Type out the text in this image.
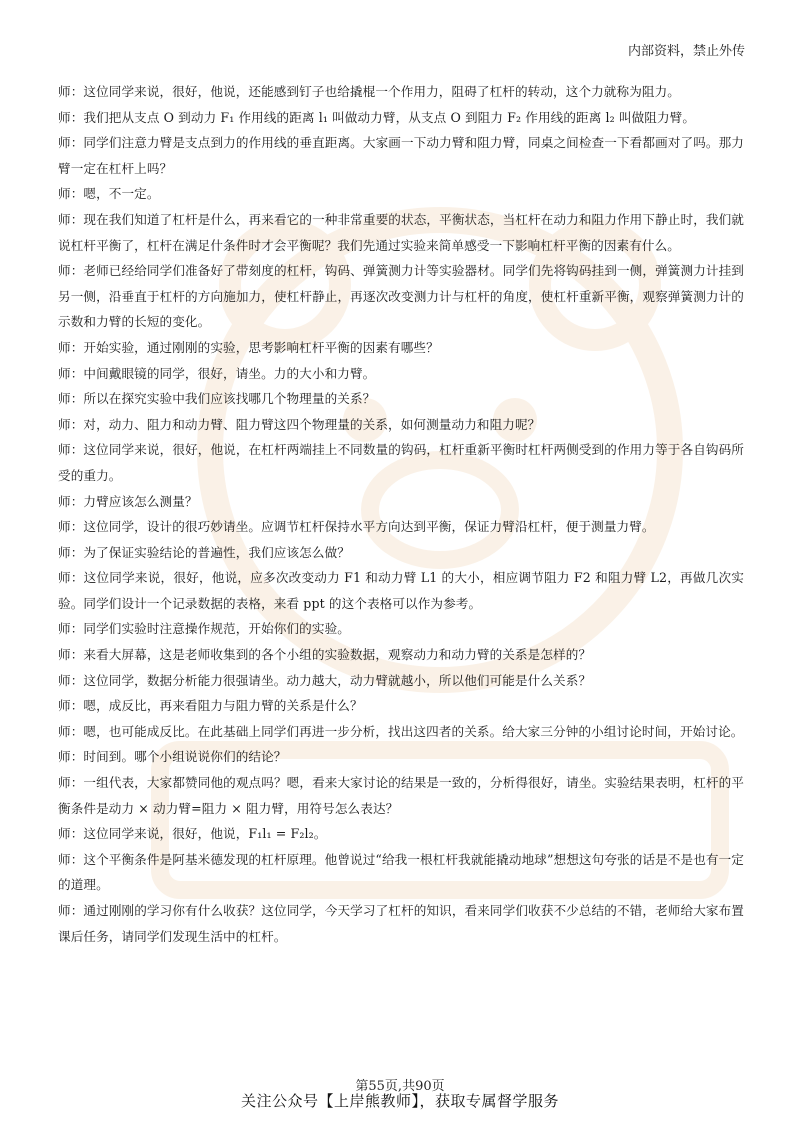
内部资料，禁止外传

师：这位同学来说，很好，他说，还能感到钉子也给撬棍一个作用力，阻碍了杠杆的转动，这个力就称为阻力。

师：我们把从支点 O 到动力 F₁ 作用线的距离 l₁ 叫做动力臂，从支点 O 到阻力 F₂ 作用线的距离 l₂ 叫做阻力臂。

师：同学们注意力臂是支点到力的作用线的垂直距离。大家画一下动力臂和阻力臂，同桌之间检查一下看都画对了吗。那力臂一定在杠杆上吗？

师：嗯，不一定。

师：现在我们知道了杠杆是什么，再来看它的一种非常重要的状态，平衡状态，当杠杆在动力和阻力作用下静止时，我们就说杠杆平衡了，杠杆在满足什条件时才会平衡呢？我们先通过实验来简单感受一下影响杠杆平衡的因素有什么。

师：老师已经给同学们准备好了带刻度的杠杆，钩码、弹簧测力计等实验器材。同学们先将钩码挂到一侧，弹簧测力计挂到另一侧，沿垂直于杠杆的方向施加力，使杠杆静止，再逐次改变测力计与杠杆的角度，使杠杆重新平衡，观察弹簧测力计的示数和力臂的长短的变化。

师：开始实验，通过刚刚的实验，思考影响杠杆平衡的因素有哪些？

师：中间戴眼镜的同学，很好，请坐。力的大小和力臂。

师：所以在探究实验中我们应该找哪几个物理量的关系？

师：对，动力、阻力和动力臂、阻力臂这四个物理量的关系，如何测量动力和阻力呢？

师：这位同学来说，很好，他说，在杠杆两端挂上不同数量的钩码，杠杆重新平衡时杠杆两侧受到的作用力等于各自钩码所受的重力。

师：力臂应该怎么测量？

师：这位同学，设计的很巧妙请坐。应调节杠杆保持水平方向达到平衡，保证力臂沿杠杆，便于测量力臂。

师：为了保证实验结论的普遍性，我们应该怎么做？

师：这位同学来说，很好，他说，应多次改变动力 F1 和动力臂 L1 的大小，相应调节阻力 F2 和阻力臂 L2，再做几次实验。同学们设计一个记录数据的表格，来看 ppt 的这个表格可以作为参考。

师：同学们实验时注意操作规范，开始你们的实验。

师：来看大屏幕，这是老师收集到的各个小组的实验数据，观察动力和动力臂的关系是怎样的？

师：这位同学，数据分析能力很强请坐。动力越大，动力臂就越小，所以他们可能是什么关系？

师：嗯，成反比，再来看阻力与阻力臂的关系是什么？

师：嗯，也可能成反比。在此基础上同学们再进一步分析，找出这四者的关系。给大家三分钟的小组讨论时间，开始讨论。

师：时间到。哪个小组说说你们的结论？

师：一组代表，大家都赞同他的观点吗？嗯，看来大家讨论的结果是一致的，分析得很好，请坐。实验结果表明，杠杆的平衡条件是动力 × 动力臂=阻力 × 阻力臂，用符号怎么表达？

师：这位同学来说，很好，他说，F₁l₁ = F₂l₂。

师：这个平衡条件是阿基米德发现的杠杆原理。他曾说过“给我一根杠杆我就能撬动地球”想想这句夸张的话是不是也有一定的道理。

师：通过刚刚的学习你有什么收获？这位同学，今天学习了杠杆的知识，看来同学们收获不少总结的不错，老师给大家布置课后任务，请同学们发现生活中的杠杆。

第55页,共90页
关注公众号【上岸熊教师】，获取专属督学服务
